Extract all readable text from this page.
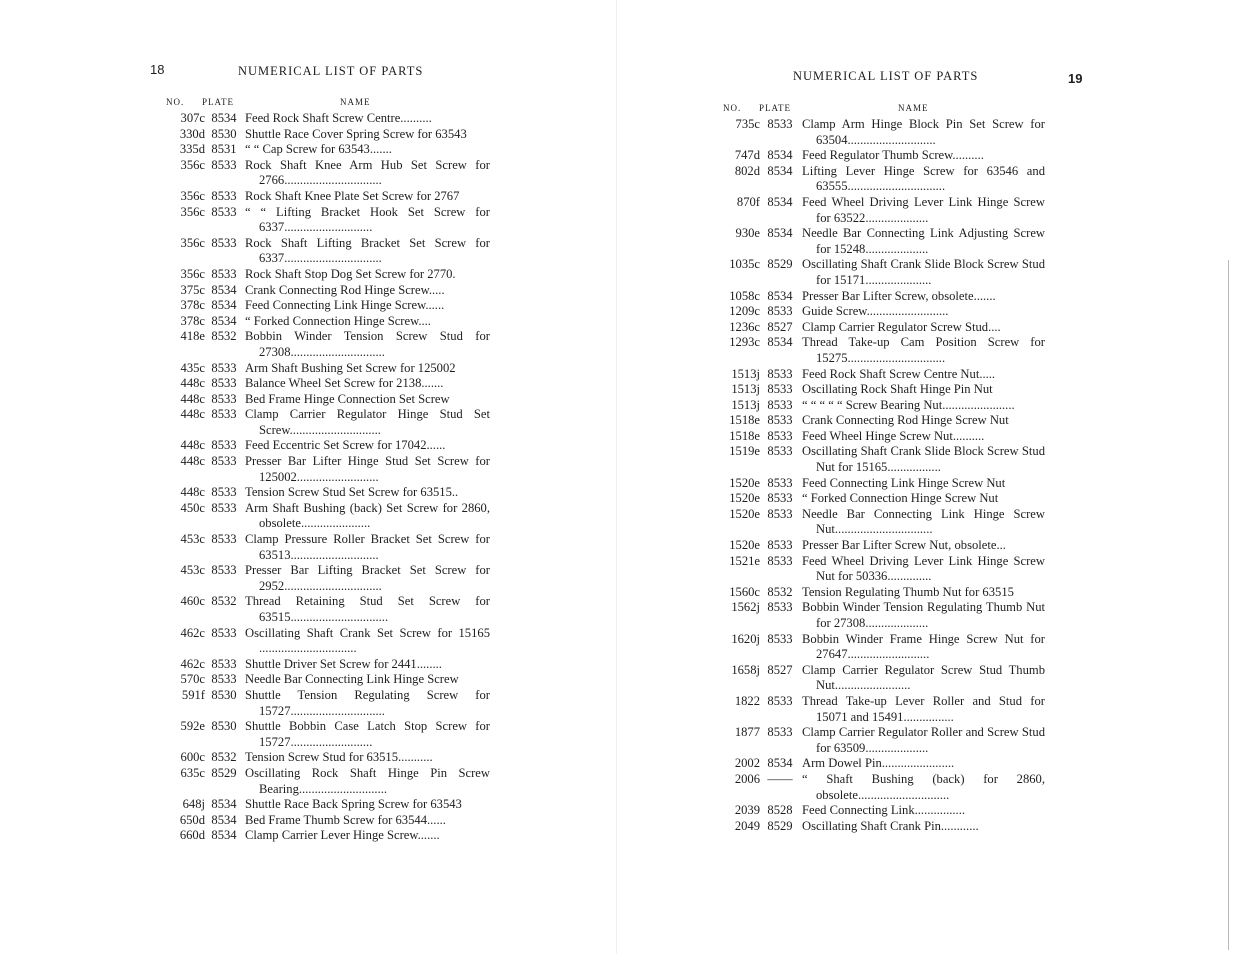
18	NUMERICAL LIST OF PARTS
NO. PLATE	NAME
307c 8534 Feed Rock Shaft Screw Centre..........
330d 8530 Shuttle Race Cover Spring Screw for 63543
335d 8531 “ “ Cap Screw for 63543.......
356c 8533 Rock Shaft Knee Arm Hub Set Screw for 2766...............................
356c 8533 Rock Shaft Knee Plate Set Screw for 2767
356c 8533 “ “ Lifting Bracket Hook Set Screw for 6337............................
356c 8533 Rock Shaft Lifting Bracket Set Screw for 6337...............................
356c 8533 Rock Shaft Stop Dog Set Screw for 2770.
375c 8534 Crank Connecting Rod Hinge Screw.....
378c 8534 Feed Connecting Link Hinge Screw......
378c 8534 “ Forked Connection Hinge Screw....
418e 8532 Bobbin Winder Tension Screw Stud for 27308..............................
435c 8533 Arm Shaft Bushing Set Screw for 125002
448c 8533 Balance Wheel Set Screw for 2138.......
448c 8533 Bed Frame Hinge Connection Set Screw
448c 8533 Clamp Carrier Regulator Hinge Stud Set Screw.............................
448c 8533 Feed Eccentric Set Screw for 17042......
448c 8533 Presser Bar Lifter Hinge Stud Set Screw for 125002..........................
448c 8533 Tension Screw Stud Set Screw for 63515..
450c 8533 Arm Shaft Bushing (back) Set Screw for 2860, obsolete......................
453c 8533 Clamp Pressure Roller Bracket Set Screw for 63513............................
453c 8533 Presser Bar Lifting Bracket Set Screw for 2952...............................
460c 8532 Thread Retaining Stud Set Screw for 63515...............................
462c 8533 Oscillating Shaft Crank Set Screw for 15165 ...............................
462c 8533 Shuttle Driver Set Screw for 2441........
570c 8533 Needle Bar Connecting Link Hinge Screw
591f 8530 Shuttle Tension Regulating Screw for 15727..............................
592e 8530 Shuttle Bobbin Case Latch Stop Screw for 15727..........................
600c 8532 Tension Screw Stud for 63515...........
635c 8529 Oscillating Rock Shaft Hinge Pin Screw Bearing............................
648j 8534 Shuttle Race Back Spring Screw for 63543
650d 8534 Bed Frame Thumb Screw for 63544......
660d 8534 Clamp Carrier Lever Hinge Screw.......
19
NUMERICAL LIST OF PARTS
NO. PLATE	NAME
735c 8533 Clamp Arm Hinge Block Pin Set Screw for 63504............................
747d 8534 Feed Regulator Thumb Screw..........
802d 8534 Lifting Lever Hinge Screw for 63546 and 63555...............................
870f 8534 Feed Wheel Driving Lever Link Hinge Screw for 63522....................
930e 8534 Needle Bar Connecting Link Adjusting Screw for 15248....................
1035c 8529 Oscillating Shaft Crank Slide Block Screw Stud for 15171.....................
1058c 8534 Presser Bar Lifter Screw, obsolete.......
1209c 8533 Guide Screw..........................
1236c 8527 Clamp Carrier Regulator Screw Stud....
1293c 8534 Thread Take-up Cam Position Screw for 15275...............................
1513j 8533 Feed Rock Shaft Screw Centre Nut.....
1513j 8533 Oscillating Rock Shaft Hinge Pin Nut
1513j 8533 “ “ “ “ “ Screw Bearing Nut.......................
1518e 8533 Crank Connecting Rod Hinge Screw Nut
1518e 8533 Feed Wheel Hinge Screw Nut..........
1519e 8533 Oscillating Shaft Crank Slide Block Screw Stud Nut for 15165.................
1520e 8533 Feed Connecting Link Hinge Screw Nut
1520e 8533 “ Forked Connection Hinge Screw Nut
1520e 8533 Needle Bar Connecting Link Hinge Screw Nut...............................
1520e 8533 Presser Bar Lifter Screw Nut, obsolete...
1521e 8533 Feed Wheel Driving Lever Link Hinge Screw Nut for 50336..............
1560c 8532 Tension Regulating Thumb Nut for 63515
1562j 8533 Bobbin Winder Tension Regulating Thumb Nut for 27308....................
1620j 8533 Bobbin Winder Frame Hinge Screw Nut for 27647..........................
1658j 8527 Clamp Carrier Regulator Screw Stud Thumb Nut........................
1822 8533 Thread Take-up Lever Roller and Stud for 15071 and 15491................
1877 8533 Clamp Carrier Regulator Roller and Screw Stud for 63509....................
2002 8534 Arm Dowel Pin.......................
2006 —— “ Shaft Bushing (back) for 2860, obsolete.............................
2039 8528 Feed Connecting Link................
2049 8529 Oscillating Shaft Crank Pin............
